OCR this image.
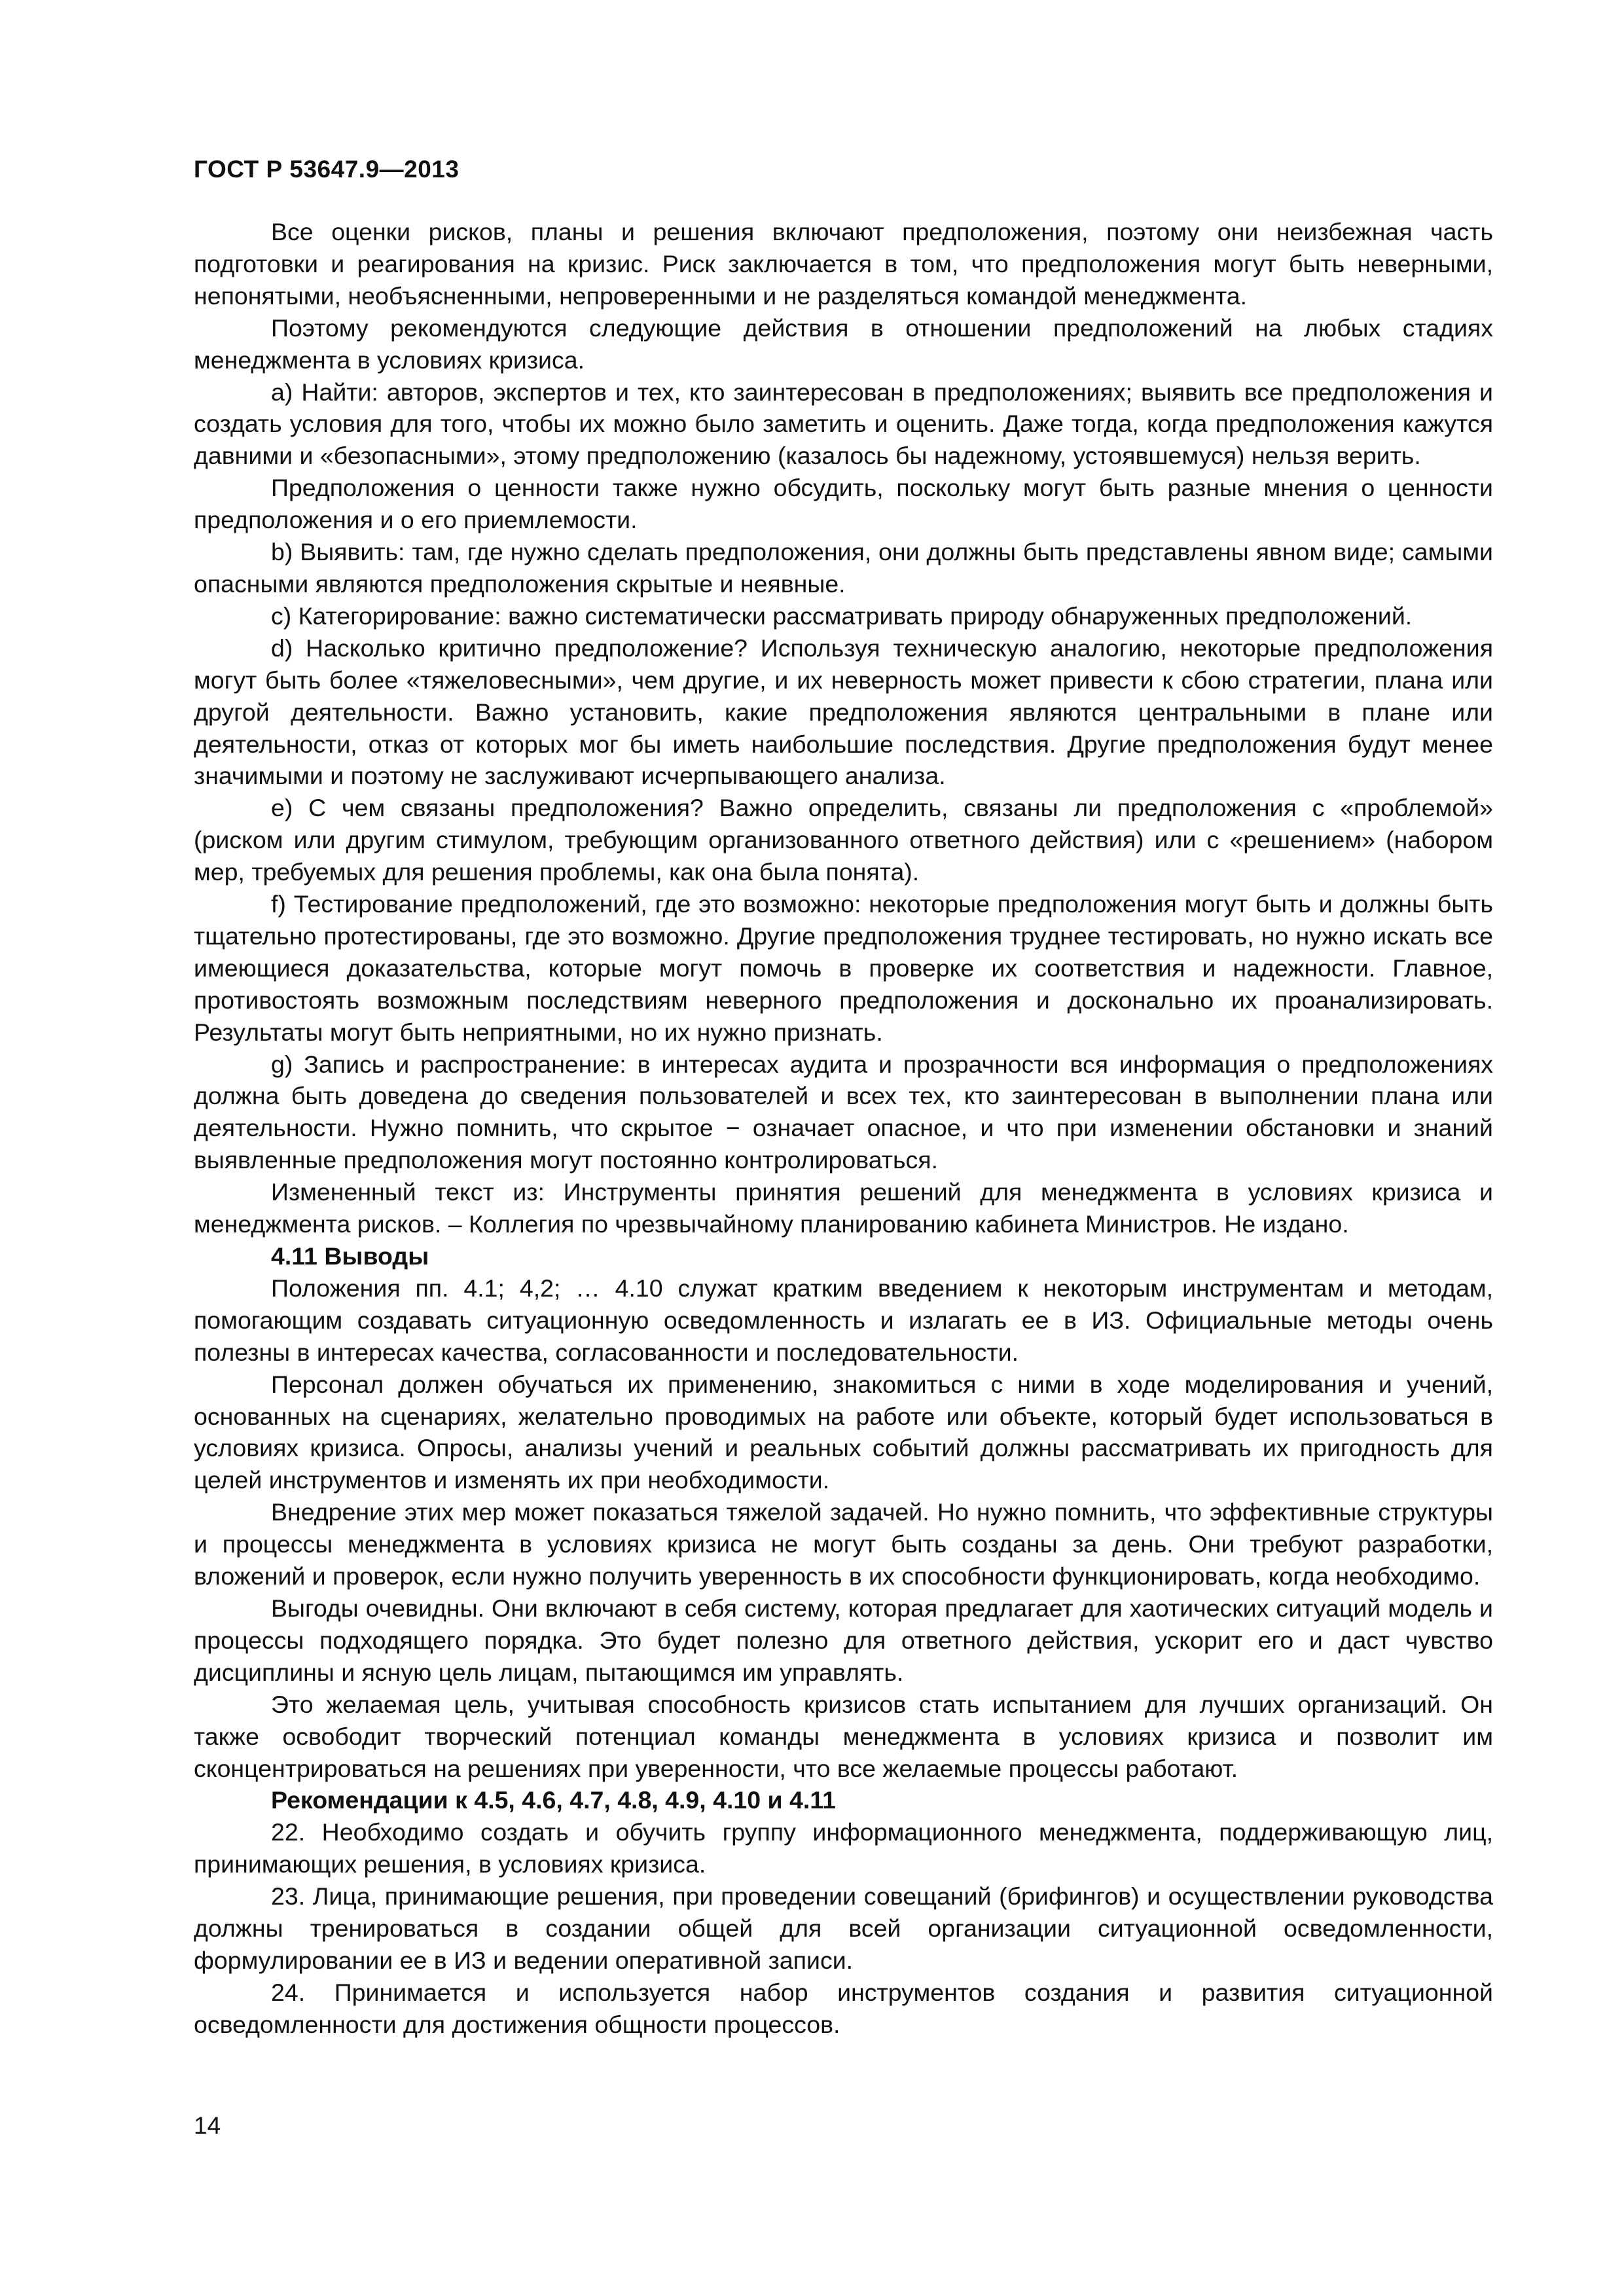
ГОСТ Р 53647.9—2013

Все оценки рисков, планы и решения включают предположения, поэтому они неизбежная часть подготовки и реагирования на кризис. Риск заключается в том, что предположения могут быть неверными, непонятыми, необъясненными, непроверенными и не разделяться командой менеджмента.

Поэтому рекомендуются следующие действия в отношении предположений на любых стадиях менеджмента в условиях кризиса.

а) Найти: авторов, экспертов и тех, кто заинтересован в предположениях; выявить все предположения и создать условия для того, чтобы их можно было заметить и оценить. Даже тогда, когда предположения кажутся давними и «безопасными», этому предположению (казалось бы надежному, устоявшемуся) нельзя верить.

Предположения о ценности также нужно обсудить, поскольку могут быть разные мнения о ценности предположения и о его приемлемости.

b) Выявить: там, где нужно сделать предположения, они должны быть представлены явном виде; самыми опасными являются предположения скрытые и неявные.

с) Категорирование: важно систематически рассматривать природу обнаруженных предположений.

d) Насколько критично предположение? Используя техническую аналогию, некоторые предположения могут быть более «тяжеловесными», чем другие, и их неверность может привести к сбою стратегии, плана или другой деятельности. Важно установить, какие предположения являются центральными в плане или деятельности, отказ от которых мог бы иметь наибольшие последствия. Другие предположения будут менее значимыми и поэтому не заслуживают исчерпывающего анализа.

е) С чем связаны предположения? Важно определить, связаны ли предположения с «проблемой» (риском или другим стимулом, требующим организованного ответного действия) или с «решением» (набором мер, требуемых для решения проблемы, как она была понята).

f) Тестирование предположений, где это возможно: некоторые предположения могут быть и должны быть тщательно протестированы, где это возможно. Другие предположения труднее тестировать, но нужно искать все имеющиеся доказательства, которые могут помочь в проверке их соответствия и надежности. Главное, противостоять возможным последствиям неверного предположения и досконально их проанализировать. Результаты могут быть неприятными, но их нужно признать.

g) Запись и распространение: в интересах аудита и прозрачности вся информация о предположениях должна быть доведена до сведения пользователей и всех тех, кто заинтересован в выполнении плана или деятельности. Нужно помнить, что скрытое − означает опасное, и что при изменении обстановки и знаний выявленные предположения могут постоянно контролироваться.

Измененный текст из: Инструменты принятия решений для менеджмента в условиях кризиса и менеджмента рисков. – Коллегия по чрезвычайному планированию кабинета Министров. Не издано.

4.11 Выводы

Положения пп. 4.1; 4,2; … 4.10 служат кратким введением к некоторым инструментам и методам, помогающим создавать ситуационную осведомленность и излагать ее в ИЗ. Официальные методы очень полезны в интересах качества, согласованности и последовательности.

Персонал должен обучаться их применению, знакомиться с ними в ходе моделирования и учений, основанных на сценариях, желательно проводимых на работе или объекте, который будет использоваться в условиях кризиса. Опросы, анализы учений и реальных событий должны рассматривать их пригодность для целей инструментов и изменять их при необходимости.

Внедрение этих мер может показаться тяжелой задачей. Но нужно помнить, что эффективные структуры и процессы менеджмента в условиях кризиса не могут быть созданы за день. Они требуют разработки, вложений и проверок, если нужно получить уверенность в их способности функционировать, когда необходимо.

Выгоды очевидны. Они включают в себя систему, которая предлагает для хаотических ситуаций модель и процессы подходящего порядка. Это будет полезно для ответного действия, ускорит его и даст чувство дисциплины и ясную цель лицам, пытающимся им управлять.

Это желаемая цель, учитывая способность кризисов стать испытанием для лучших организаций. Он также освободит творческий потенциал команды менеджмента в условиях кризиса и позволит им сконцентрироваться на решениях при уверенности, что все желаемые процессы работают.

Рекомендации к 4.5, 4.6, 4.7, 4.8, 4.9, 4.10 и 4.11

22. Необходимо создать и обучить группу информационного менеджмента, поддерживающую лиц, принимающих решения, в условиях кризиса.

23. Лица, принимающие решения, при проведении совещаний (брифингов) и осуществлении руководства должны тренироваться в создании общей для всей организации ситуационной осведомленности, формулировании ее в ИЗ и ведении оперативной записи.

24. Принимается и используется набор инструментов создания и развития ситуационной осведомленности для достижения общности процессов.

14
